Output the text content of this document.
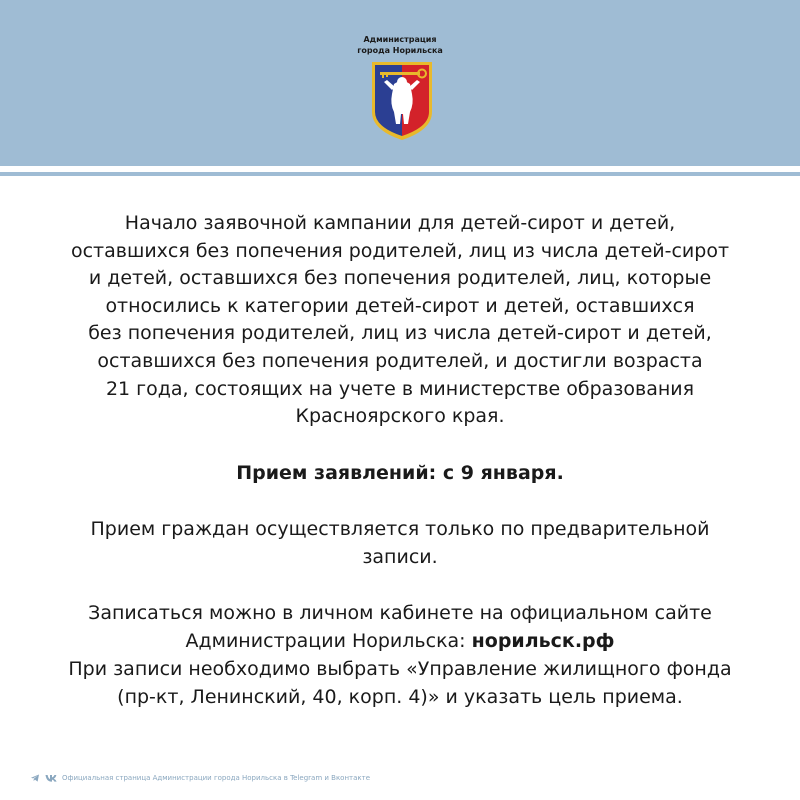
Администрация
города Норильска

Начало заявочной кампании для детей-сирот и детей,
оставшихся без попечения родителей, лиц из числа детей-сирот
и детей, оставшихся без попечения родителей, лиц, которые
относились к категории детей-сирот и детей, оставшихся
без попечения родителей, лиц из числа детей-сирот и детей,
оставшихся без попечения родителей, и достигли возраста
21 года, состоящих на учете в министерстве образования
Красноярского края.

Прием заявлений: с 9 января.

Прием граждан осуществляется только по предварительной
записи.

Записаться можно в личном кабинете на официальном сайте
Администрации Норильска: норильск.рф
При записи необходимо выбрать «Управление жилищного фонда
(пр-кт, Ленинский, 40, корп. 4)» и указать цель приема.

Официальная страница Администрации города Норильска в Telegram и Вконтакте
